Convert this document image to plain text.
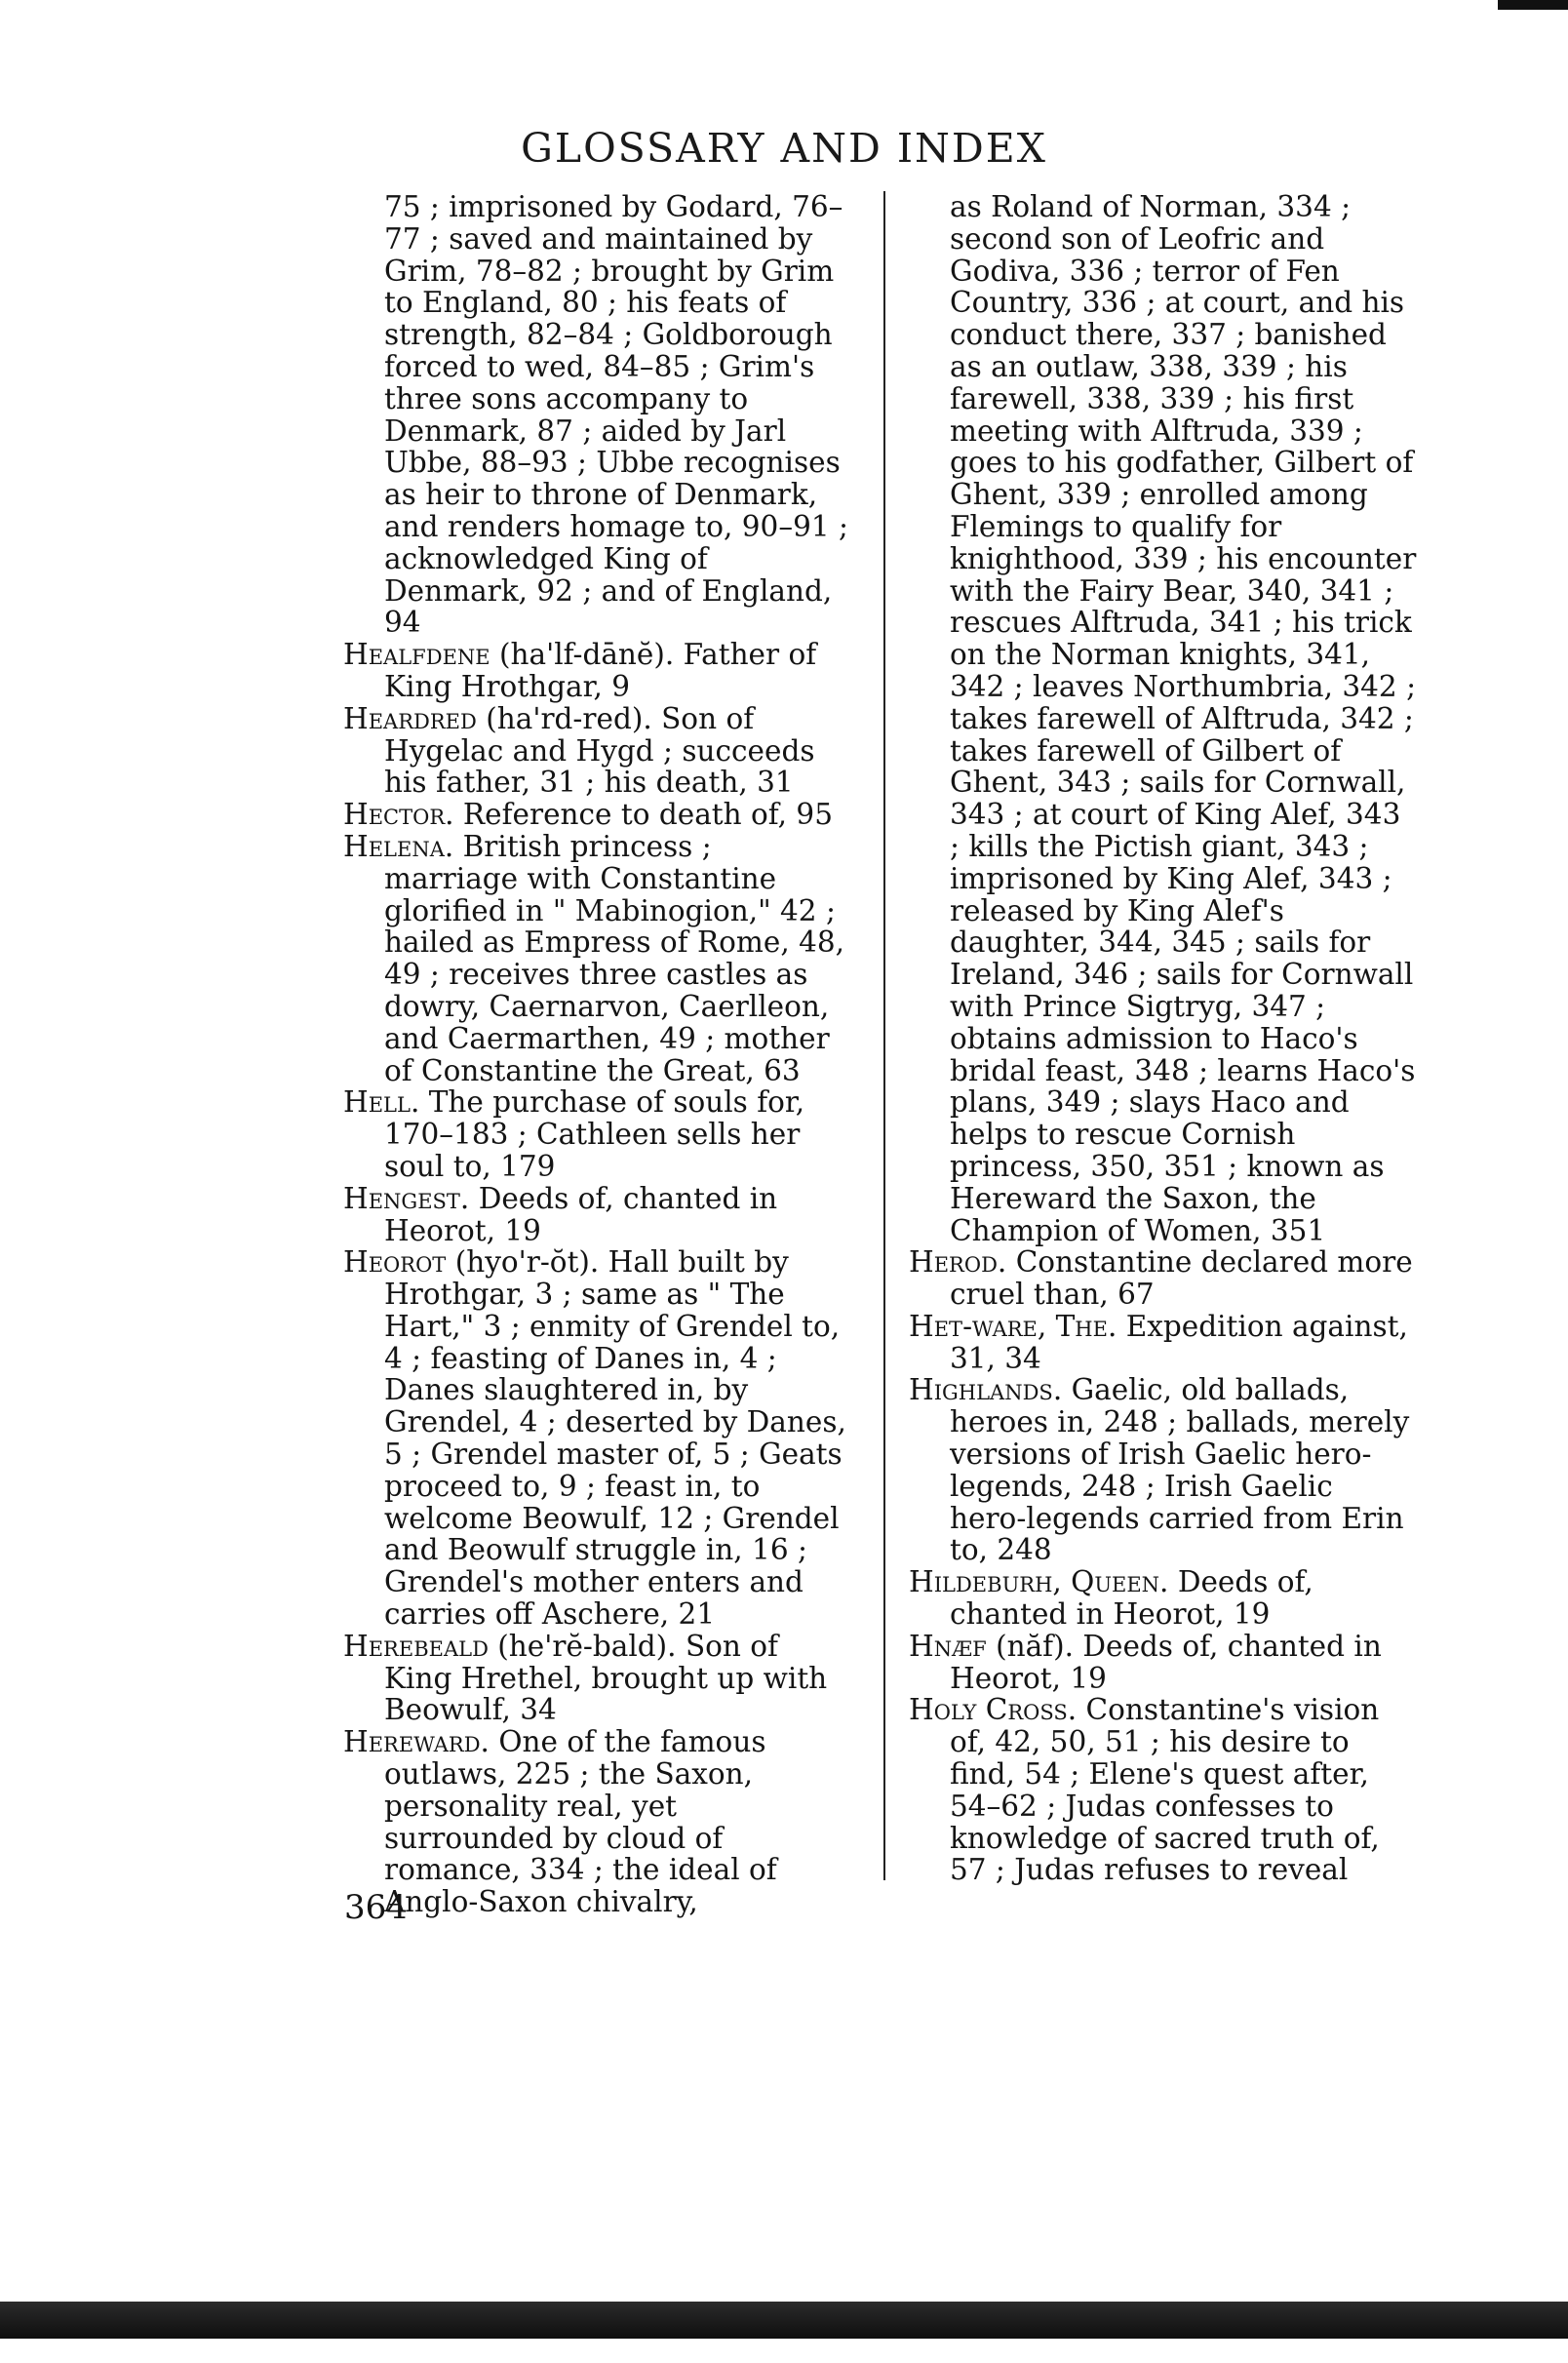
GLOSSARY AND INDEX

75 ; imprisoned by Godard, 76–77 ; saved and maintained by Grim, 78–82 ; brought by Grim to England, 80 ; his feats of strength, 82–84 ; Goldborough forced to wed, 84–85 ; Grim's three sons accompany to Denmark, 87 ; aided by Jarl Ubbe, 88–93 ; Ubbe recognises as heir to throne of Denmark, and renders homage to, 90–91 ; acknowledged King of Denmark, 92 ; and of England, 94

Healfdene (ha'lf-dānĕ). Father of King Hrothgar, 9

Heardred (ha'rd-red). Son of Hygelac and Hygd ; succeeds his father, 31 ; his death, 31

Hector. Reference to death of, 95

Helena. British princess ; marriage with Constantine glorified in " Mabinogion," 42 ; hailed as Empress of Rome, 48, 49 ; receives three castles as dowry, Caernarvon, Caerlleon, and Caermarthen, 49 ; mother of Constantine the Great, 63

Hell. The purchase of souls for, 170–183 ; Cathleen sells her soul to, 179

Hengest. Deeds of, chanted in Heorot, 19

Heorot (hyo'r-ŏt). Hall built by Hrothgar, 3 ; same as " The Hart," 3 ; enmity of Grendel to, 4 ; feasting of Danes in, 4 ; Danes slaughtered in, by Grendel, 4 ; deserted by Danes, 5 ; Grendel master of, 5 ; Geats proceed to, 9 ; feast in, to welcome Beowulf, 12 ; Grendel and Beowulf struggle in, 16 ; Grendel's mother enters and carries off Aschere, 21

Herebeald (he'rĕ-bald). Son of King Hrethel, brought up with Beowulf, 34

Hereward. One of the famous outlaws, 225 ; the Saxon, personality real, yet surrounded by cloud of romance, 334 ; the ideal of Anglo-Saxon chivalry,

as Roland of Norman, 334 ; second son of Leofric and Godiva, 336 ; terror of Fen Country, 336 ; at court, and his conduct there, 337 ; banished as an outlaw, 338, 339 ; his farewell, 338, 339 ; his first meeting with Alftruda, 339 ; goes to his godfather, Gilbert of Ghent, 339 ; enrolled among Flemings to qualify for knighthood, 339 ; his encounter with the Fairy Bear, 340, 341 ; rescues Alftruda, 341 ; his trick on the Norman knights, 341, 342 ; leaves Northumbria, 342 ; takes farewell of Alftruda, 342 ; takes farewell of Gilbert of Ghent, 343 ; sails for Cornwall, 343 ; at court of King Alef, 343 ; kills the Pictish giant, 343 ; imprisoned by King Alef, 343 ; released by King Alef's daughter, 344, 345 ; sails for Ireland, 346 ; sails for Cornwall with Prince Sigtryg, 347 ; obtains admission to Haco's bridal feast, 348 ; learns Haco's plans, 349 ; slays Haco and helps to rescue Cornish princess, 350, 351 ; known as Hereward the Saxon, the Champion of Women, 351

Herod. Constantine declared more cruel than, 67

Het-ware, The. Expedition against, 31, 34

Highlands. Gaelic, old ballads, heroes in, 248 ; ballads, merely versions of Irish Gaelic hero-legends, 248 ; Irish Gaelic hero-legends carried from Erin to, 248

Hildeburh, Queen. Deeds of, chanted in Heorot, 19

Hnæf (năf). Deeds of, chanted in Heorot, 19

Holy Cross. Constantine's vision of, 42, 50, 51 ; his desire to find, 54 ; Elene's quest after, 54–62 ; Judas confesses to knowledge of sacred truth of, 57 ; Judas refuses to reveal

364
